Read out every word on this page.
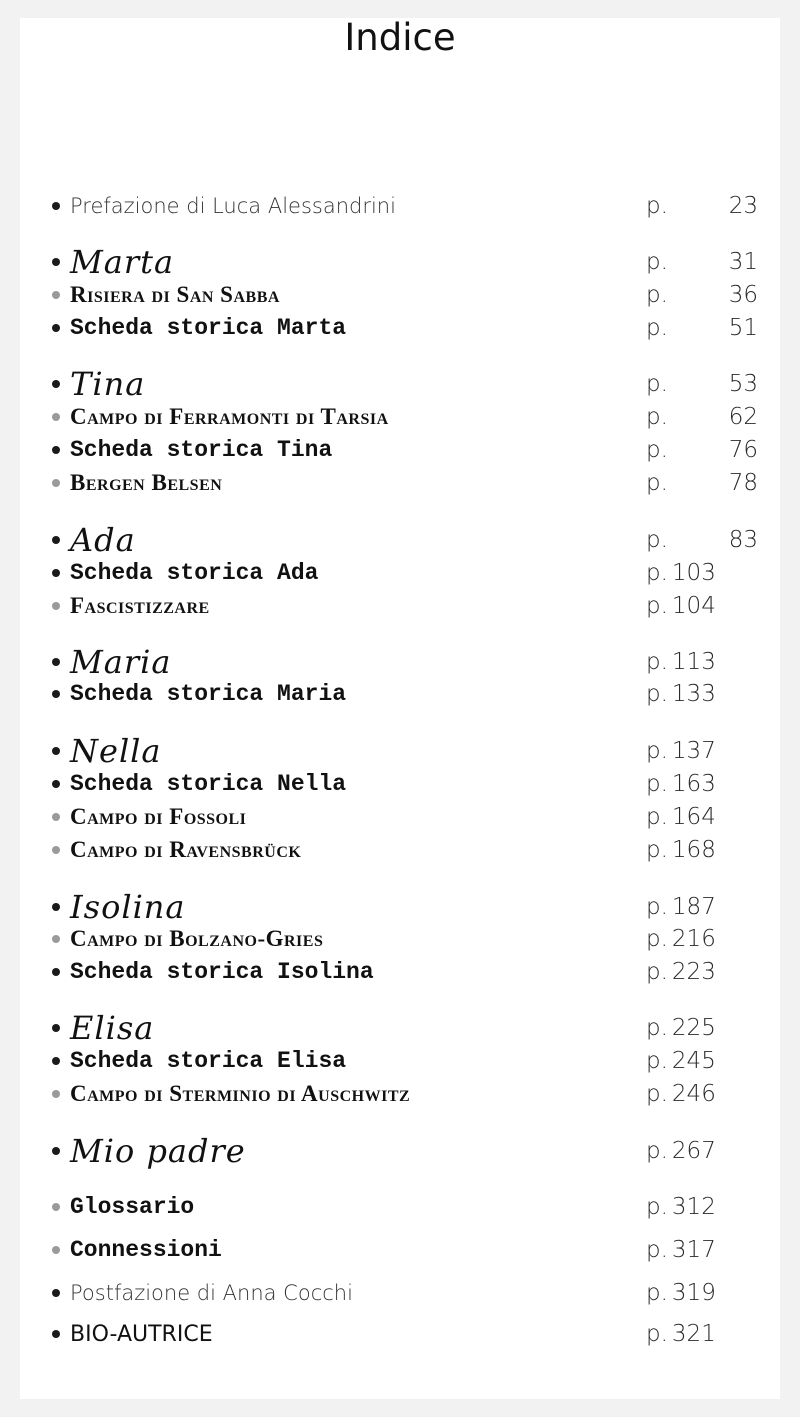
Indice
Prefazione di Luca Alessandrini	p.	23
Marta	p.	31
Risiera di San Sabba	p.	36
Scheda storica Marta	p.	51
Tina	p.	53
Campo di Ferramonti di Tarsia	p.	62
Scheda storica Tina	p.	76
Bergen Belsen	p.	78
Ada	p.	83
Scheda storica Ada	p. 103
Fascistizzare	p. 104
Maria	p. 113
Scheda storica Maria	p. 133
Nella	p. 137
Scheda storica Nella	p. 163
Campo di Fossoli	p. 164
Campo di Ravensbrück	p. 168
Isolina	p. 187
Campo di Bolzano-Gries	p. 216
Scheda storica Isolina	p. 223
Elisa	p. 225
Scheda storica Elisa	p. 245
Campo di Sterminio di Auschwitz	p. 246
Mio padre	p. 267
Glossario	p. 312
Connessioni	p. 317
Postfazione di Anna Cocchi	p. 319
BIO-AUTRICE	p. 321
